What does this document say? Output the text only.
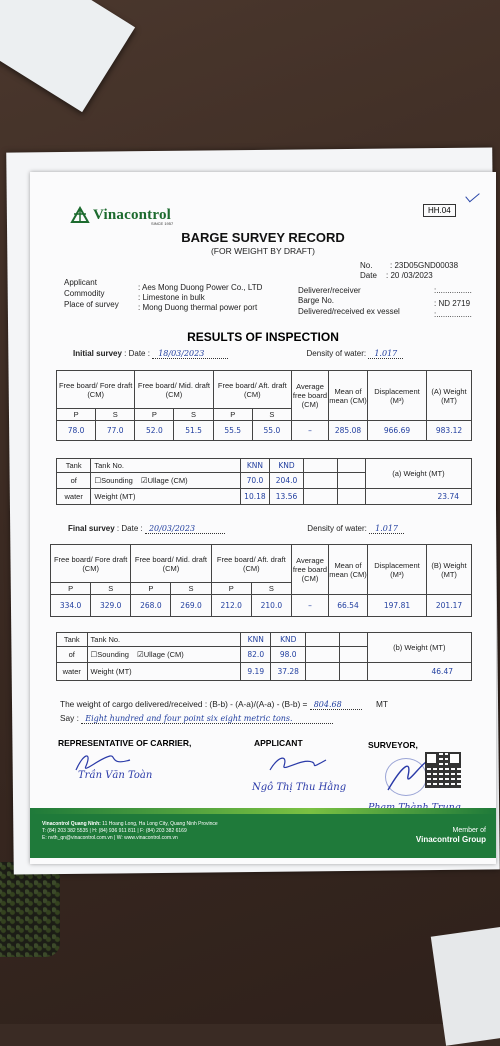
Vinacontrol
SINCE 1957
HH.04
BARGE SURVEY RECORD
(FOR WEIGHT BY DRAFT)
No. : 23D05GND00038
Date : 20 /03/2023
Applicant
: Aes Mong Duong Power Co., LTD
Commodity	: Limestone in bulk
Place of survey : Mong Duong thermal power port
Deliverer/receiver	:................
Barge No.	: ND 2719
Delivered/received ex vessel	:................
RESULTS OF INSPECTION
Initial survey : Date : 18/03/2023	Density of water: 1.017
Free board/ Fore draft (CM)		Free board/ Mid. draft (CM)		Free board/ Aft. draft (CM)		Average free board (CM)	Mean of mean (CM)	Displacement (M³)	(A) Weight (MT)
P	S	P	S	P	S				
78.0	77.0	52.0	51.5	55.5	55.0	–	285.08	966.69	983.12
Tank	Tank No.	KNN	KND			(a) Weight (MT)
of	☐Sounding ☑Ullage (CM)	70.0	204.0			
water	Weight (MT)	10.18	13.56			23.74
Final survey : Date : 20/03/2023	Density of water: 1.017
Free board/ Fore draft (CM)		Free board/ Mid. draft (CM)		Free board/ Aft. draft (CM)		Average free board (CM)	Mean of mean (CM)	Displacement (M³)	(B) Weight (MT)
P	S	P	S	P	S				
334.0	329.0	268.0	269.0	212.0	210.0	–	66.54	197.81	201.17
Tank	Tank No.	KNN	KND			(b) Weight (MT)
of	☐Sounding ☑Ullage (CM)	82.0	98.0			
water	Weight (MT)	9.19	37.28			46.47
The weight of cargo delivered/received : (B-b) - (A-a)/(A-a) - (B-b) = 804.68	MT
Say : Eight hundred and four point six eight metric tons.
REPRESENTATIVE OF CARRIER,	APPLICANT	SURVEYOR,
Trần Văn Toàn
Ngô Thị Thu Hằng
Vinacontrol Quang Ninh: 11 Hoang Long, Ha Long City, Quang Ninh Province
T: (84) 203 382 5535 | H: (84) 936 911 811 | F: (84) 203 382 6169
E: nvth_qn@vinacontrol.com.vn | W: www.vinacontrol.com.vn
Member of
Vinacontrol Group
